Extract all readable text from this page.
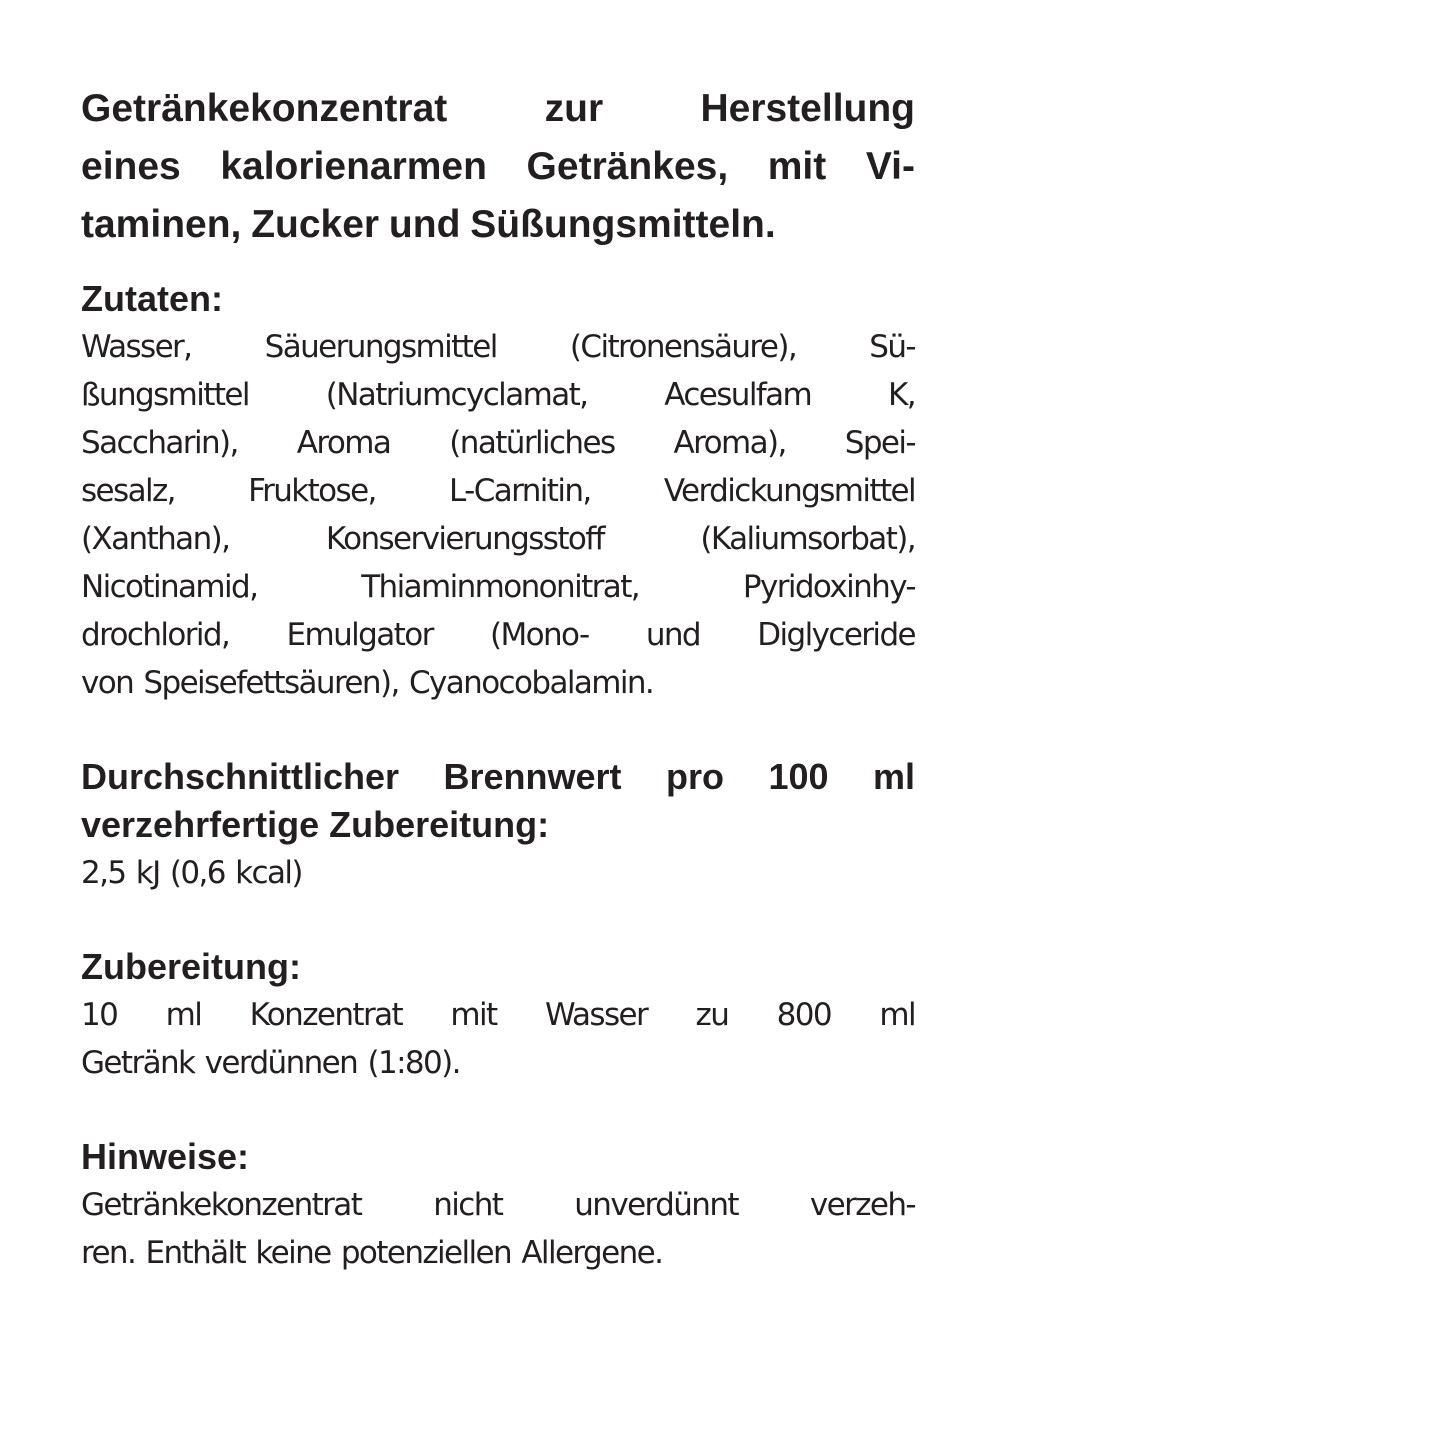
Getränkekonzentrat zur Herstellung
eines kalorienarmen Getränkes, mit Vi-
taminen, Zucker und Süßungsmitteln.
Zutaten:

Wasser, Säuerungsmittel (Citronensäure), Sü-
ßungsmittel (Natriumcyclamat, Acesulfam K,
Saccharin), Aroma (natürliches Aroma), Spei-
sesalz, Fruktose, L-Carnitin, Verdickungsmittel
(Xanthan), Konservierungsstoff (Kaliumsorbat),
Nicotinamid, Thiaminmononitrat, Pyridoxinhy-
drochlorid, Emulgator (Mono- und Diglyceride
von Speisefettsäuren), Cyanocobalamin.

Durchschnittlicher Brennwert pro 100 ml
verzehrfertige Zubereitung:

2,5 kJ (0,6 kcal)

Zubereitung:

10 ml Konzentrat mit Wasser zu 800 ml
Getränk verdünnen (1:80).

Hinweise:

Getränkekonzentrat nicht unverdünnt verzeh-
ren. Enthält keine potenziellen Allergene.
